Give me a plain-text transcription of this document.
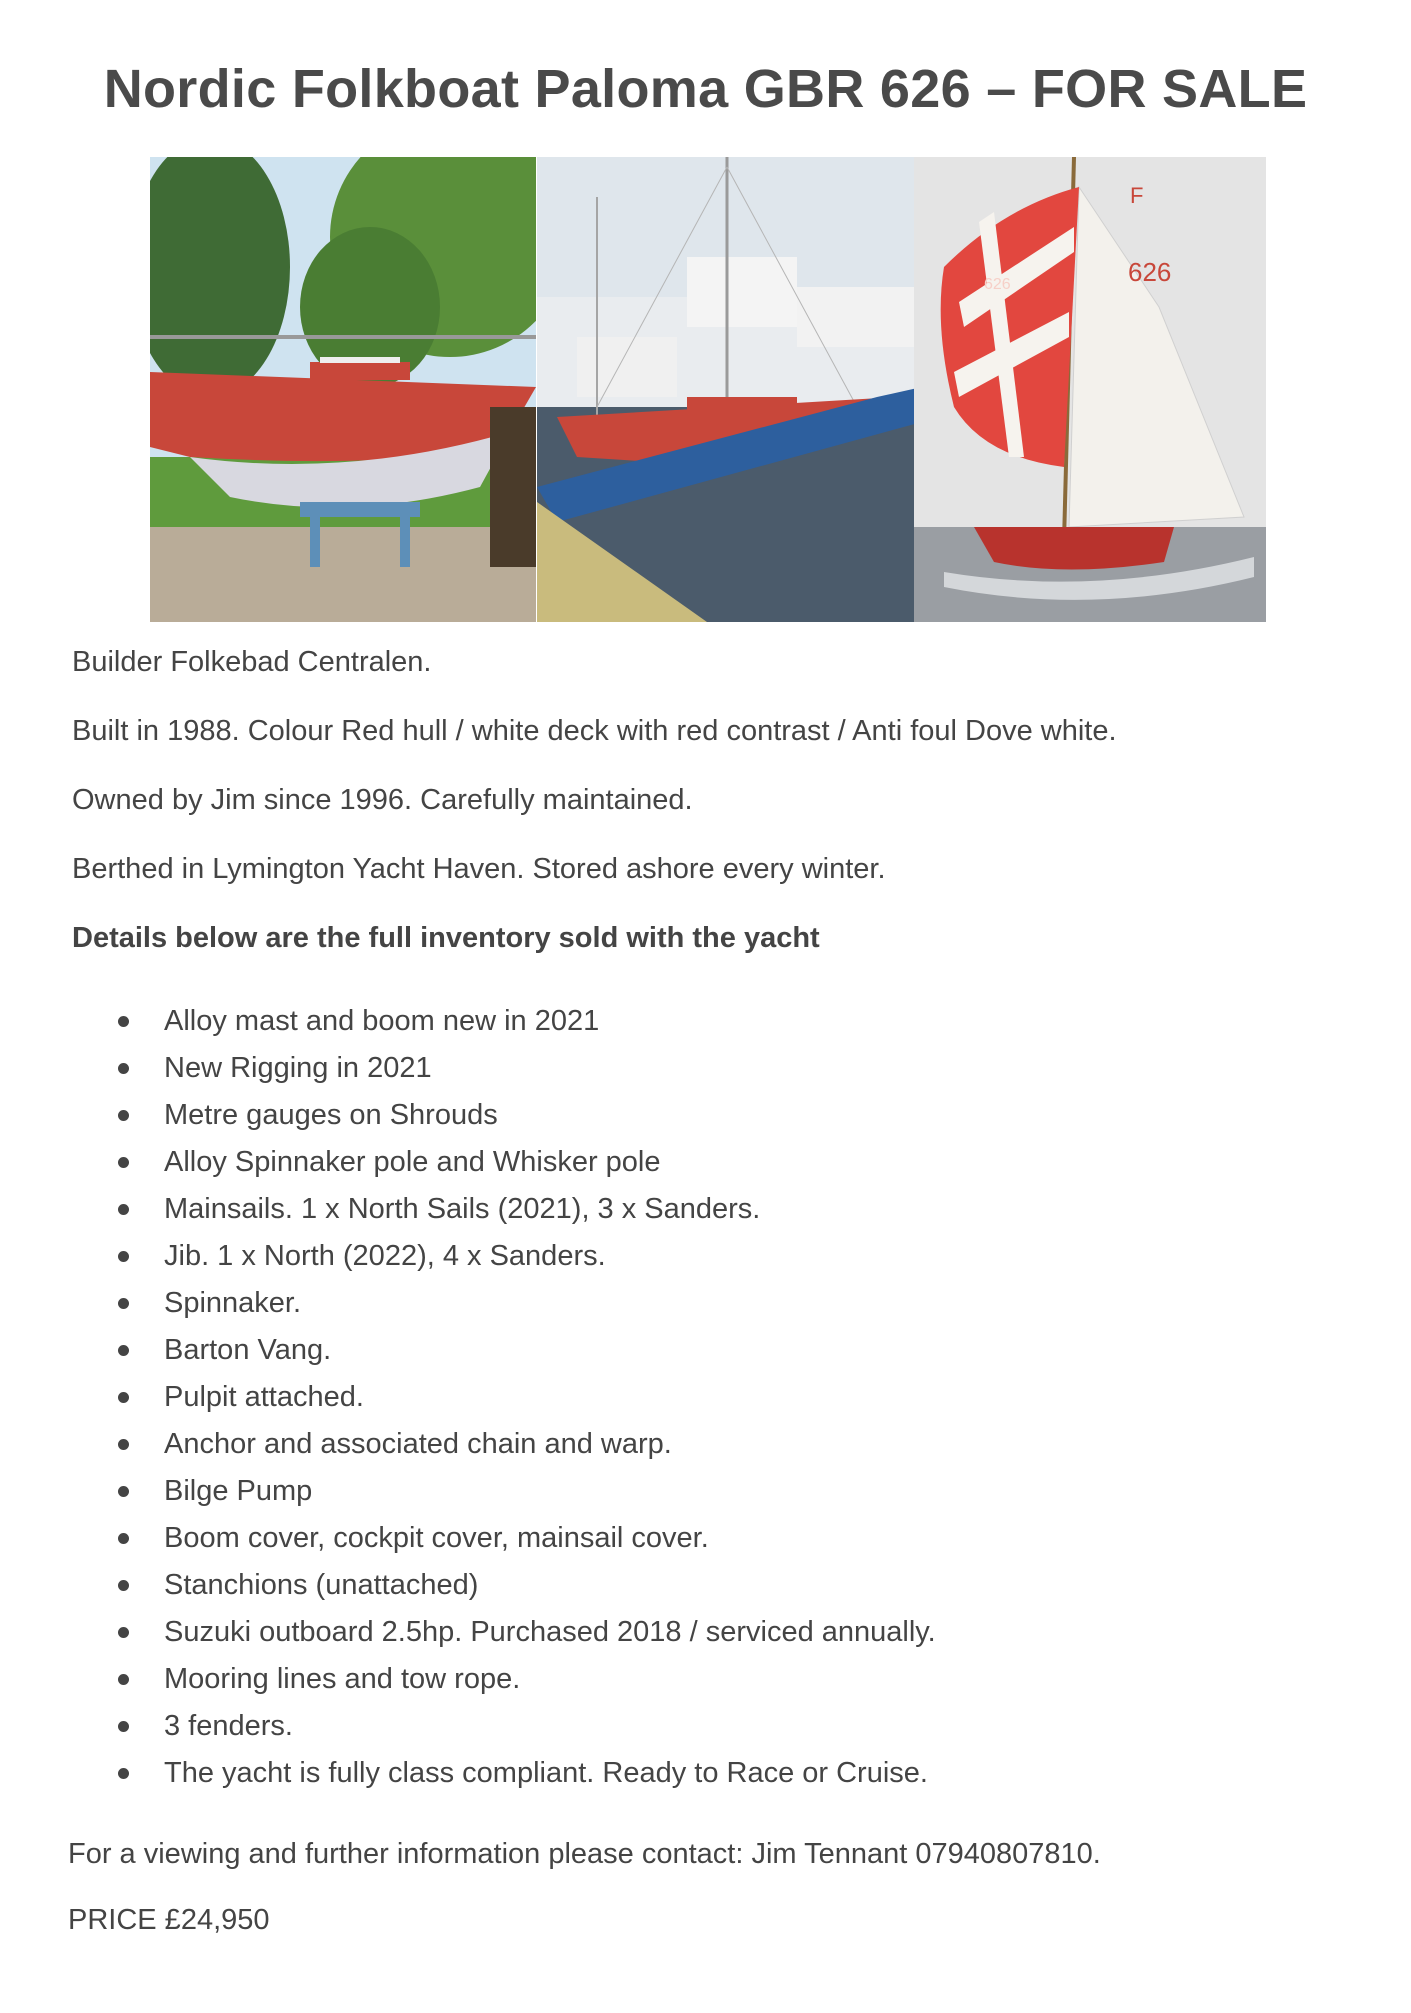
Nordic Folkboat Paloma GBR 626 – FOR SALE
F
626
626
Builder Folkebad Centralen.
Built in 1988. Colour Red hull / white deck with red contrast / Anti foul Dove white.
Owned by Jim since 1996. Carefully maintained.
Berthed in Lymington Yacht Haven. Stored ashore every winter.
Details below are the full inventory sold with the yacht
Alloy mast and boom new in 2021
New Rigging in 2021
Metre gauges on Shrouds
Alloy Spinnaker pole and Whisker pole
Mainsails. 1 x North Sails (2021), 3 x Sanders.
Jib. 1 x North (2022), 4 x Sanders.
Spinnaker.
Barton Vang.
Pulpit attached.
Anchor and associated chain and warp.
Bilge Pump
Boom cover, cockpit cover, mainsail cover.
Stanchions (unattached)
Suzuki outboard 2.5hp. Purchased 2018 / serviced annually.
Mooring lines and tow rope.
3 fenders.
The yacht is fully class compliant. Ready to Race or Cruise.
For a viewing and further information please contact: Jim Tennant 07940807810.
PRICE £24,950
